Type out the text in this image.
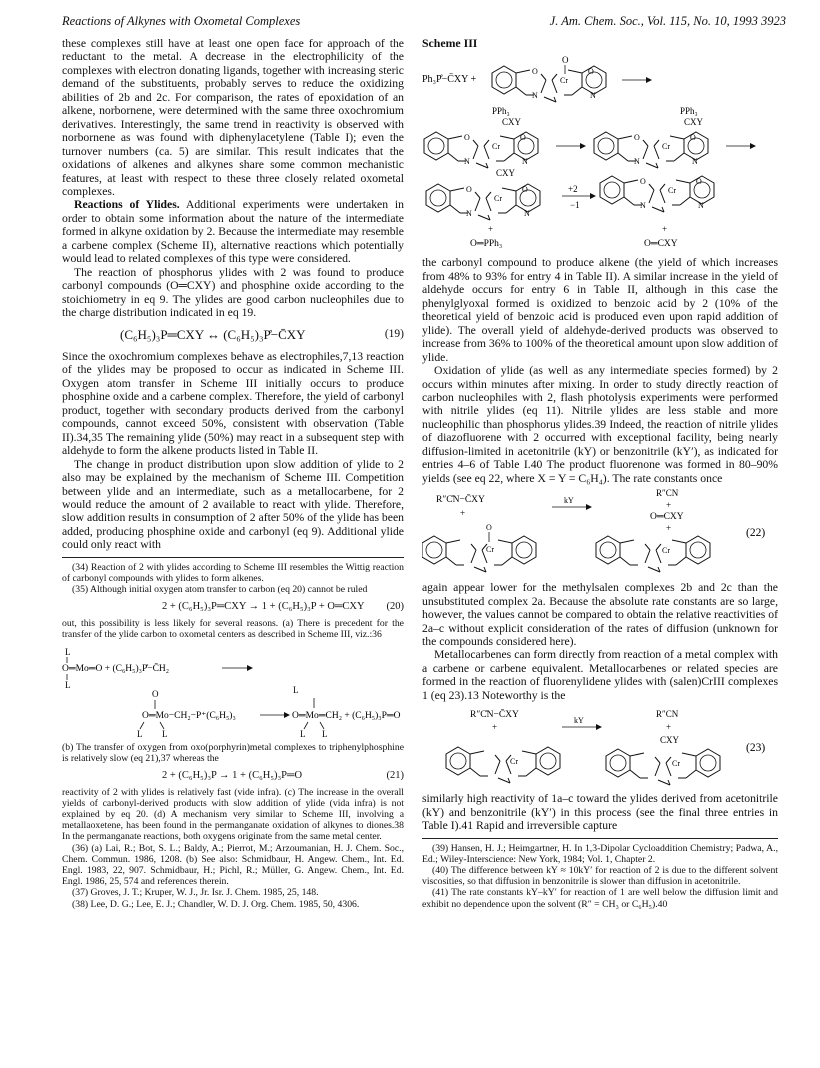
Reactions of Alkynes with Oxometal Complexes	J. Am. Chem. Soc., Vol. 115, No. 10, 1993 3923

these complexes still have at least one open face for approach of the reductant to the metal. A decrease in the electrophilicity of the complexes with electron donating ligands, together with increasing steric demand of the substituents, probably serves to reduce the oxidizing abilities of 2b and 2c. For comparison, the rates of epoxidation of an alkene, norbornene, were determined with the same three oxochromium derivatives. Interestingly, the same trend in reactivity is observed with norbornene as was found with diphenylacetylene (Table I); even the turnover numbers (ca. 5) are similar. This result indicates that the oxidations of alkenes and alkynes share some common mechanistic features, at least with respect to these three closely related oxometal complexes.

Reactions of Ylides. Additional experiments were undertaken in order to obtain some information about the nature of the intermediate formed in alkyne oxidation by 2. Because the intermediate may resemble a carbene complex (Scheme II), alternative reactions which potentially would lead to related complexes of this type were considered.

The reaction of phosphorus ylides with 2 was found to produce carbonyl compounds (O═CXY) and phosphine oxide according to the stoichiometry in eq 9. The ylides are good carbon nucleophiles due to the charge distribution indicated in eq 19.

(C₆H₅)₃P═CXY ↔ (C₆H₅)₃P̊−C̄XY	(19)

Since the oxochromium complexes behave as electrophiles,7,13 reaction of the ylides may be proposed to occur as indicated in Scheme III. Oxygen atom transfer in Scheme III initially occurs to produce phosphine oxide and a carbene complex. Therefore, the yield of carbonyl product, together with secondary products derived from the carbonyl compounds, cannot exceed 50%, consistent with observation (Table II).34,35 The remaining ylide (50%) may react in a subsequent step with aldehyde to form the alkene products listed in Table II.

The change in product distribution upon slow addition of ylide to 2 also may be explained by the mechanism of Scheme III. Competition between ylide and an intermediate, such as a metallocarbene, for 2 would reduce the amount of 2 available to react with ylide. Therefore, slow addition results in consumption of 2 after 50% of the ylide has been added, producing phosphine oxide and carbonyl (eq 9). Additional ylide could only react with

(34) Reaction of 2 with ylides according to Scheme III resembles the Wittig reaction of carbonyl compounds with ylides to form alkenes.

(35) Although initial oxygen atom transfer to carbon (eq 20) cannot be ruled

2 + (C₆H₅)₃P═CXY → 1 + (C₆H₅)₃P + O═CXY (20)

out, this possibility is less likely for several reasons. (a) There is precedent for the transfer of the ylide carbon to oxometal centers as described in Scheme III, viz.:36

L
O═Mo═O + (C₆H₅)₃P̊−C̄H₂
L
O
O═Mo−CH₂−P⁺(C₆H₅)₃
L L
L
O═Mo═CH₂ + (C₆H₅)₃P═O
L L

(b) The transfer of oxygen from oxo(porphyrin)metal complexes to triphenylphosphine is relatively slow (eq 21),37 whereas the

2 + (C₆H₅)₃P → 1 + (C₆H₅)₃P═O	(21)

reactivity of 2 with ylides is relatively fast (vide infra). (c) The increase in the overall yields of carbonyl-derived products with slow addition of ylide (vida infra) is not explained by eq 20. (d) A mechanism very similar to Scheme III, involving a metallaoxetene, has been found in the permanganate oxidation of alkynes to diones.38 In the permanganate reactions, both oxygens originate from the same metal center.

(36) (a) Lai, R.; Bot, S. L.; Baldy, A.; Pierrot, M.; Arzoumanian, H. J. Chem. Soc., Chem. Commun. 1986, 1208. (b) See also: Schmidbaur, H. Angew. Chem., Int. Ed. Engl. 1983, 22, 907. Schmidbaur, H.; Pichl, R.; Müller, G. Angew. Chem., Int. Ed. Engl. 1986, 25, 574 and references therein.

(37) Groves, J. T.; Kruper, W. J., Jr. Isr. J. Chem. 1985, 25, 148.

(38) Lee, D. G.; Lee, E. J.; Chandler, W. D. J. Org. Chem. 1985, 50, 4306.

Scheme III
Ph₃P̊−C̄XY +
O
O	O
Cr
N	N
PPh₃
CXY
O	O
Cr
N	N
PPh₃
CXY
O	O
Cr
N	N
CXY
O	O
Cr
N	N
+
O═PPh₃
+2
−1
O	O
Cr
N	N
+
O═CXY

the carbonyl compound to produce alkene (the yield of which increases from 48% to 93% for entry 4 in Table II). A similar increase in the yield of aldehyde occurs for entry 6 in Table II, although in this case the phenylglyoxal formed is oxidized to benzoic acid by 2 (10% of the theoretical yield of benzoic acid is produced even upon rapid addition of ylide). The overall yield of aldehyde-derived products was observed to increase from 36% to 100% of the theoretical amount upon slow addition of ylide.

Oxidation of ylide (as well as any intermediate species formed) by 2 occurs within minutes after mixing. In order to study directly reaction of carbon nucleophiles with 2, flash photolysis experiments were performed with nitrile ylides (eq 11). Nitrile ylides are less stable and more nucleophilic than phosphorus ylides.39 Indeed, the reaction of nitrile ylides of diazofluorene with 2 occurred with exceptional facility, being nearly diffusion-limited in acetonitrile (kY) or benzonitrile (kY′), as indicated for entries 4–6 of Table I.40 The product fluorenone was formed in 80–90% yields (see eq 22, where X = Y = C₆H₄). The rate constants once

R″C̊N−C̄XY
+
kY
R″CN
+
O═CXY
+
O
Cr	Cr
(22)

again appear lower for the methylsalen complexes 2b and 2c than the unsubstituted complex 2a. Because the absolute rate constants are so large, however, the values cannot be compared to obtain the relative reactivities of 2a–c without explicit consideration of the rates of diffusion (unknown for the compounds considered here).

Metallocarbenes can form directly from reaction of a metal complex with a carbene or carbene equivalent. Metallocarbenes or related species are formed in the reaction of fluorenylidene ylides with (salen)CrIII complexes 1 (eq 23).13 Noteworthy is the

R″C̊N−C̄XY
+
kY
R″CN
+
CXY
Cr	Cr
(23)

similarly high reactivity of 1a–c toward the ylides derived from acetonitrile (kY) and benzonitrile (kY′) in this process (see the final three entries in Table I).41 Rapid and irreversible capture

(39) Hansen, H. J.; Heimgartner, H. In 1,3-Dipolar Cycloaddition Chemistry; Padwa, A., Ed.; Wiley-Interscience: New York, 1984; Vol. 1, Chapter 2.

(40) The difference between kY ≈ 10kY′ for reaction of 2 is due to the different solvent viscosities, so that diffusion in benzonitrile is slower than diffusion in acetonitrile.

(41) The rate constants kY–kY′ for reaction of 1 are well below the diffusion limit and exhibit no dependence upon the solvent (R″ = CH₃ or C₆H₅).40
